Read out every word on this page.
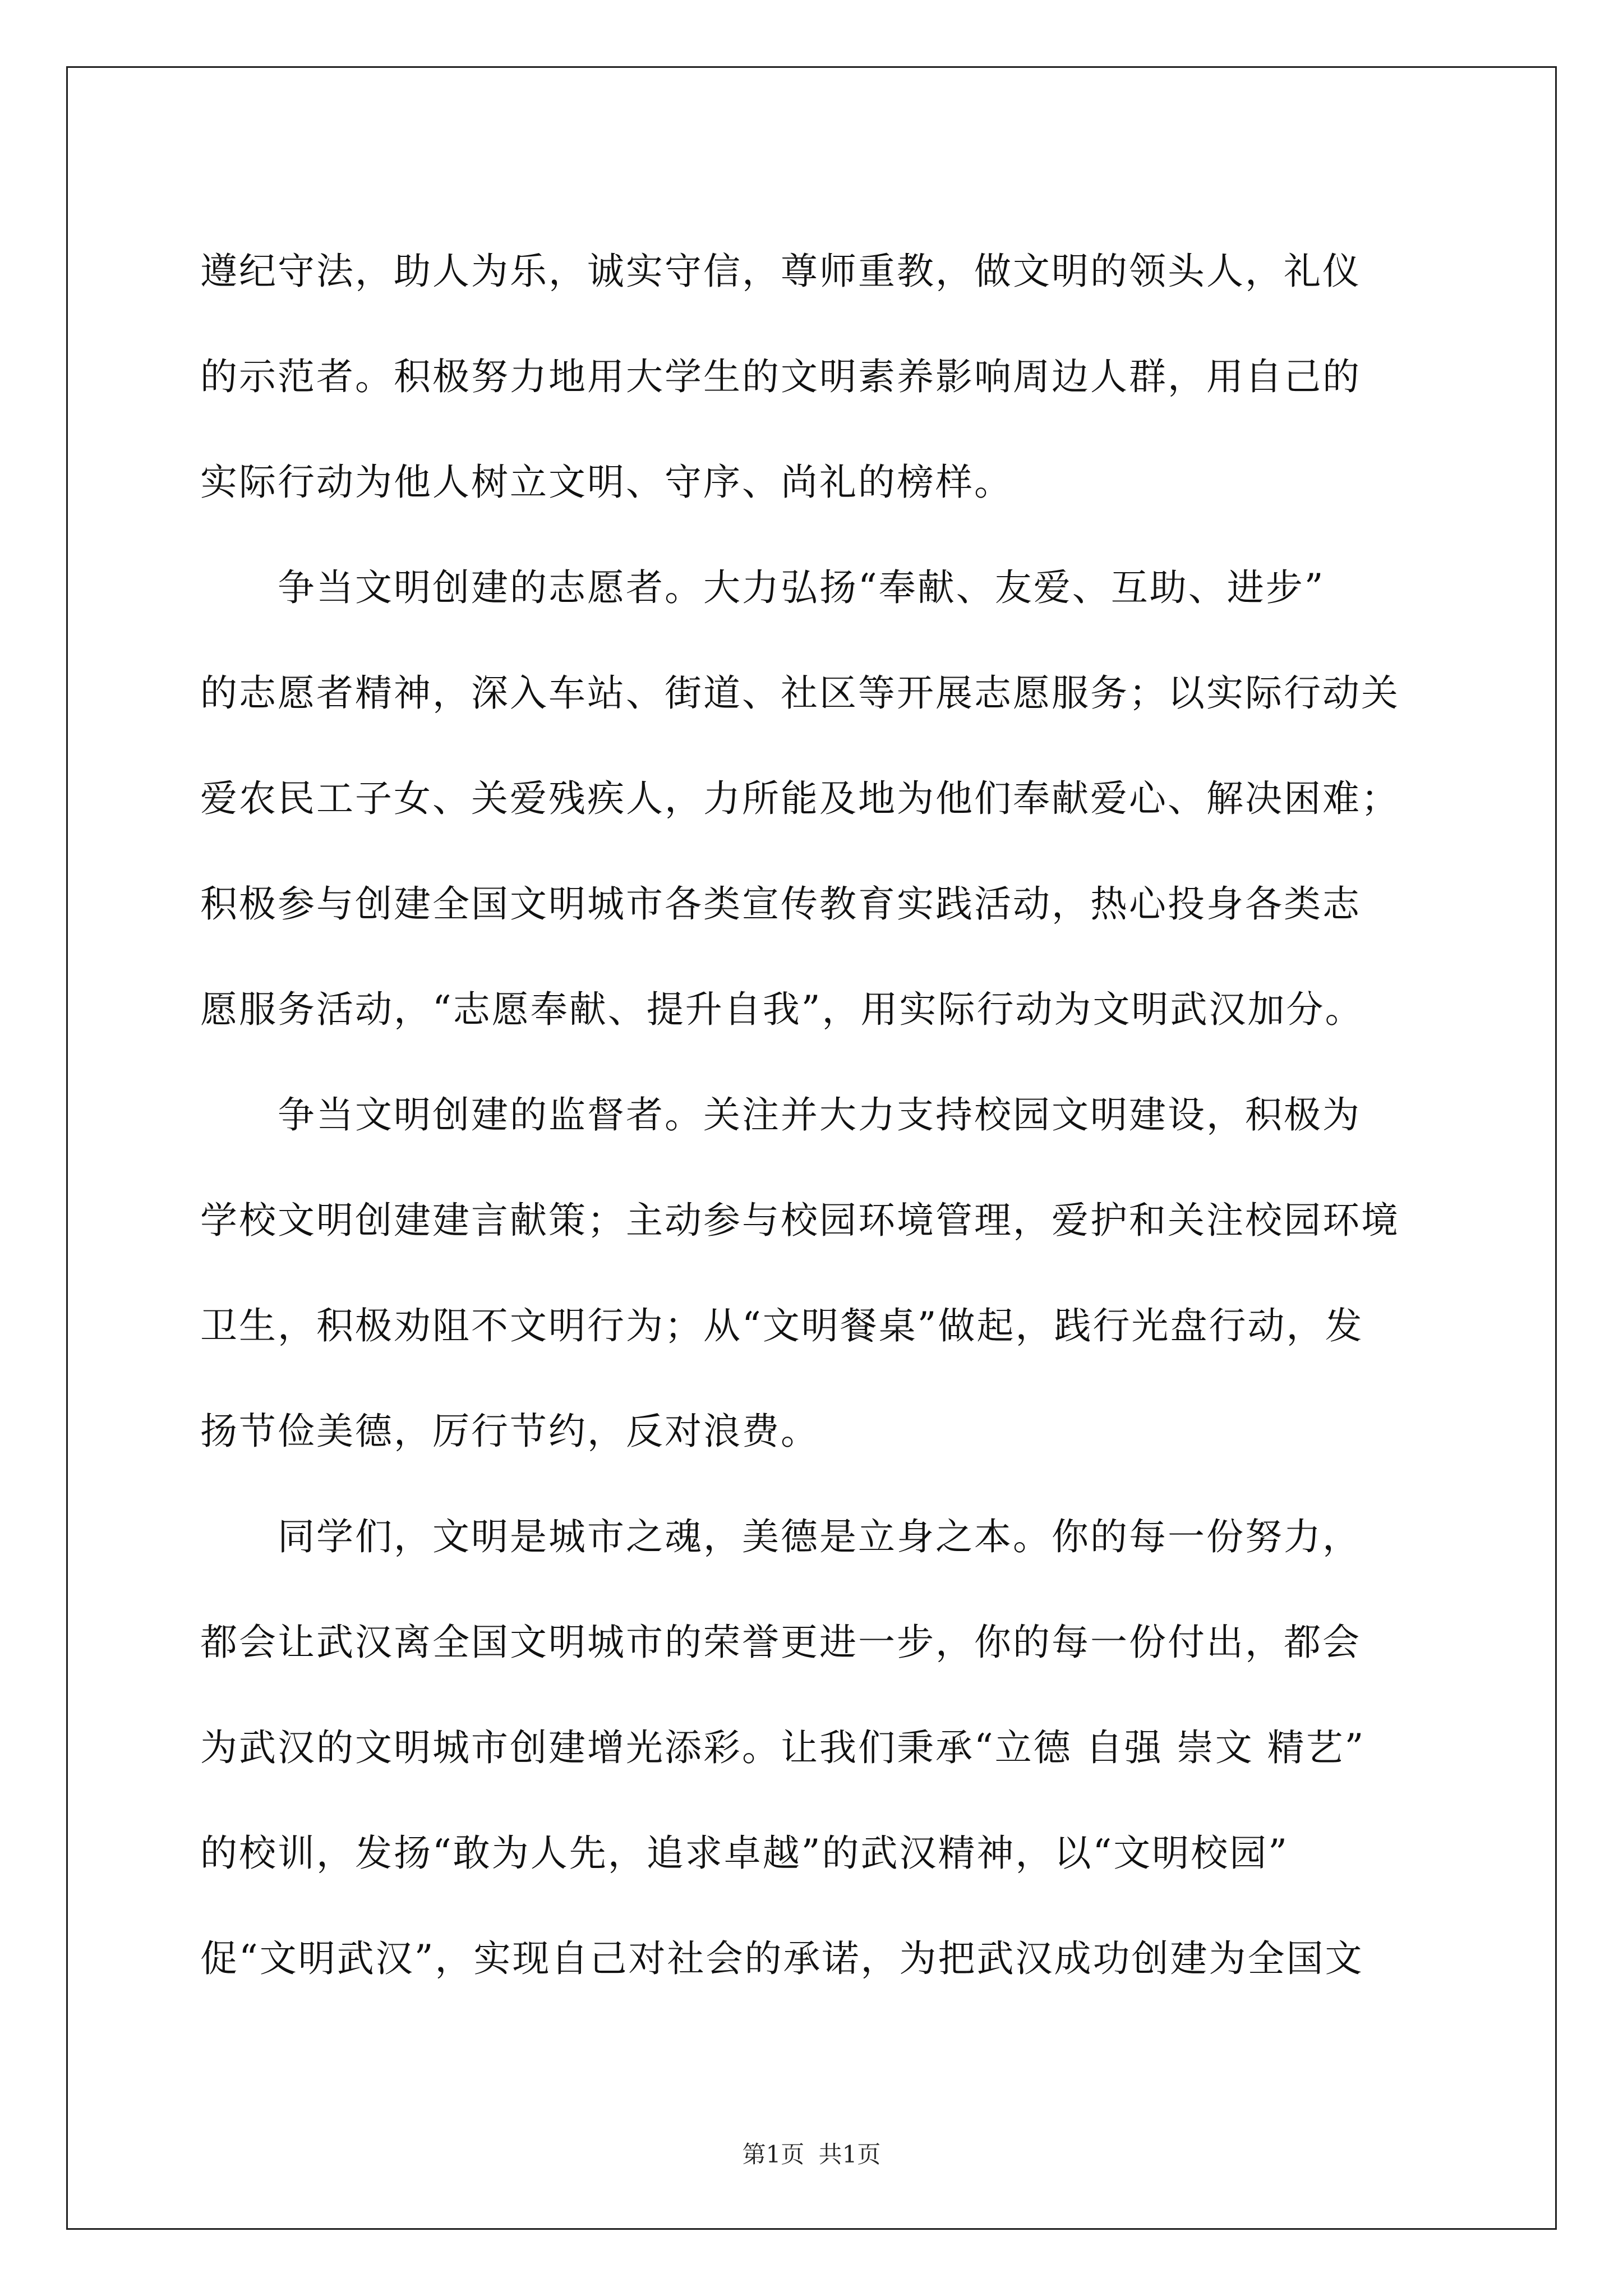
遵纪守法，助人为乐，诚实守信，尊师重教，做文明的领头人，礼仪
的示范者。积极努力地用大学生的文明素养影响周边人群，用自己的
实际行动为他人树立文明、守序、尚礼的榜样。
　　争当文明创建的志愿者。大力弘扬“奉献、友爱、互助、进步”
的志愿者精神，深入车站、街道、社区等开展志愿服务；以实际行动关
爱农民工子女、关爱残疾人，力所能及地为他们奉献爱心、解决困难；
积极参与创建全国文明城市各类宣传教育实践活动，热心投身各类志
愿服务活动，“志愿奉献、提升自我”，用实际行动为文明武汉加分。
　　争当文明创建的监督者。关注并大力支持校园文明建设，积极为
学校文明创建建言献策；主动参与校园环境管理，爱护和关注校园环境
卫生，积极劝阻不文明行为；从“文明餐桌”做起，践行光盘行动，发
扬节俭美德，厉行节约，反对浪费。
　　同学们，文明是城市之魂，美德是立身之本。你的每一份努力，
都会让武汉离全国文明城市的荣誉更进一步，你的每一份付出，都会
为武汉的文明城市创建增光添彩。让我们秉承“立德 自强 崇文 精艺”
的校训，发扬“敢为人先，追求卓越”的武汉精神，以“文明校园”
促“文明武汉”，实现自己对社会的承诺，为把武汉成功创建为全国文
第1页 共1页
